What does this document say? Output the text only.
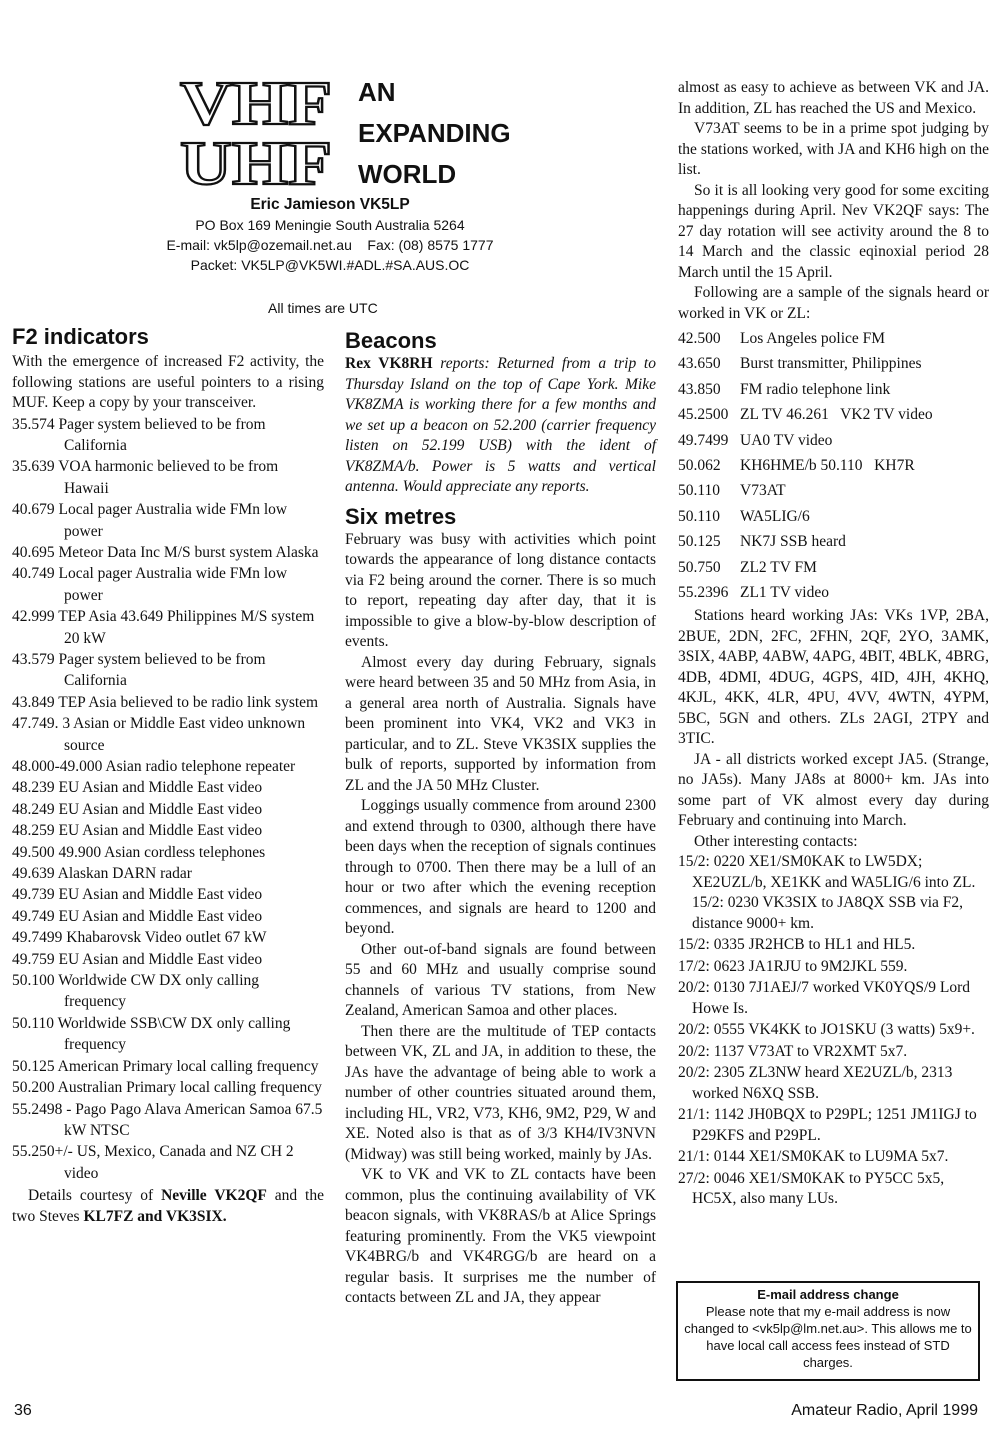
VHF
UHF
AN
EXPANDING
WORLD
Eric Jamieson VK5LP
PO Box 169 Meningie South Australia 5264
E-mail: vk5lp@ozemail.net.au    Fax: (08) 8575 1777
Packet: VK5LP@VK5WI.#ADL.#SA.AUS.OC
All times are UTC
F2 indicators

With the emergence of increased F2 activity, the following stations are useful pointers to a rising MUF. Keep a copy by your transceiver.

35.574 Pager system believed to be from California
35.639 VOA harmonic believed to be from Hawaii
40.679 Local pager Australia wide FMn low power
40.695 Meteor Data Inc M/S burst system Alaska
40.749 Local pager Australia wide FMn low power
42.999 TEP Asia 43.649 Philippines M/S system 20 kW
43.579 Pager system believed to be from California
43.849 TEP Asia believed to be radio link system
47.749. 3 Asian or Middle East video unknown source
48.000-49.000 Asian radio telephone repeater
48.239 EU Asian and Middle East video
48.249 EU Asian and Middle East video
48.259 EU Asian and Middle East video
49.500 49.900 Asian cordless telephones
49.639 Alaskan DARN radar
49.739 EU Asian and Middle East video
49.749 EU Asian and Middle East video
49.7499 Khabarovsk Video outlet 67 kW
49.759 EU Asian and Middle East video
50.100 Worldwide CW DX only calling frequency
50.110 Worldwide SSB\CW DX only calling frequency
50.125 American Primary local calling frequency
50.200 Australian Primary local calling frequency
55.2498 - Pago Pago Alava American Samoa 67.5 kW NTSC
55.250+/- US, Mexico, Canada and NZ CH 2 video

Details courtesy of Neville VK2QF and the two Steves KL7FZ and VK3SIX.

Beacons

Rex VK8RH reports: Returned from a trip to Thursday Island on the top of Cape York. Mike VK8ZMA is working there for a few months and we set up a beacon on 52.200 (carrier frequency listen on 52.199 USB) with the ident of VK8ZMA/b. Power is 5 watts and vertical antenna. Would appreciate any reports.

Six metres

February was busy with activities which point towards the appearance of long distance contacts via F2 being around the corner. There is so much to report, repeating day after day, that it is impossible to give a blow-by-blow description of events.

Almost every day during February, signals were heard between 35 and 50 MHz from Asia, in a general area north of Australia. Signals have been prominent into VK4, VK2 and VK3 in particular, and to ZL. Steve VK3SIX supplies the bulk of reports, supported by information from ZL and the JA 50 MHz Cluster.

Loggings usually commence from around 2300 and extend through to 0300, although there have been days when the reception of signals continues through to 0700. Then there may be a lull of an hour or two after which the evening reception commences, and signals are heard to 1200 and beyond.

Other out-of-band signals are found between 55 and 60 MHz and usually comprise sound channels of various TV stations, from New Zealand, American Samoa and other places.

Then there are the multitude of TEP contacts between VK, ZL and JA, in addition to these, the JAs have the advantage of being able to work a number of other countries situated around them, including HL, VR2, V73, KH6, 9M2, P29, W and XE. Noted also is that as of 3/3 KH4/IV3NVN (Midway) was still being worked, mainly by JAs.

VK to VK and VK to ZL contacts have been common, plus the continuing availability of VK beacon signals, with VK8RAS/b at Alice Springs featuring prominently. From the VK5 viewpoint VK4BRG/b and VK4RGG/b are heard on a regular basis. It surprises me the number of contacts between ZL and JA, they appear

almost as easy to achieve as between VK and JA. In addition, ZL has reached the US and Mexico.

V73AT seems to be in a prime spot judging by the stations worked, with JA and KH6 high on the list.

So it is all looking very good for some exciting happenings during April. Nev VK2QF says: The 27 day rotation will see activity around the 8 to 14 March and the classic eqinoxial period 28 March until the 15 April.

Following are a sample of the signals heard or worked in VK or ZL:

42.500 Los Angeles police FM
43.650 Burst transmitter, Philippines
43.850 FM radio telephone link
45.2500 ZL TV 46.261   VK2 TV video
49.7499 UA0 TV video
50.062 KH6HME/b 50.110   KH7R
50.110 V73AT
50.110 WA5LIG/6
50.125 NK7J SSB heard
50.750 ZL2 TV FM
55.2396 ZL1 TV video

Stations heard working JAs: VKs 1VP, 2BA, 2BUE, 2DN, 2FC, 2FHN, 2QF, 2YO, 3AMK, 3SIX, 4ABP, 4ABW, 4APG, 4BIT, 4BLK, 4BRG, 4DB, 4DMI, 4DUG, 4GPS, 4ID, 4JH, 4KHQ, 4KJL, 4KK, 4LR, 4PU, 4VV, 4WTN, 4YPM, 5BC, 5GN and others. ZLs 2AGI, 2TPY and 3TIC.

JA - all districts worked except JA5. (Strange, no JA5s). Many JA8s at 8000+ km. JAs into some part of VK almost every day during February and continuing into March.

Other interesting contacts:

15/2: 0220 XE1/SM0KAK to LW5DX; XE2UZL/b, XE1KK and WA5LIG/6 into ZL. 15/2: 0230 VK3SIX to JA8QX SSB via F2, distance 9000+ km.
15/2: 0335 JR2HCB to HL1 and HL5.
17/2: 0623 JA1RJU to 9M2JKL 559.
20/2: 0130 7J1AEJ/7 worked VK0YQS/9 Lord Howe Is.
20/2: 0555 VK4KK to JO1SKU (3 watts) 5x9+.
20/2: 1137 V73AT to VR2XMT 5x7.
20/2: 2305 ZL3NW heard XE2UZL/b, 2313 worked N6XQ SSB.
21/1: 1142 JH0BQX to P29PL; 1251 JM1IGJ to P29KFS and P29PL.
21/1: 0144 XE1/SM0KAK to LU9MA 5x7.
27/2: 0046 XE1/SM0KAK to PY5CC 5x5, HC5X, also many LUs.
E-mail address change
Please note that my e-mail address is now changed to <vk5lp@lm.net.au>. This allows me to have local call access fees instead of STD charges.
36	Amateur Radio, April 1999
